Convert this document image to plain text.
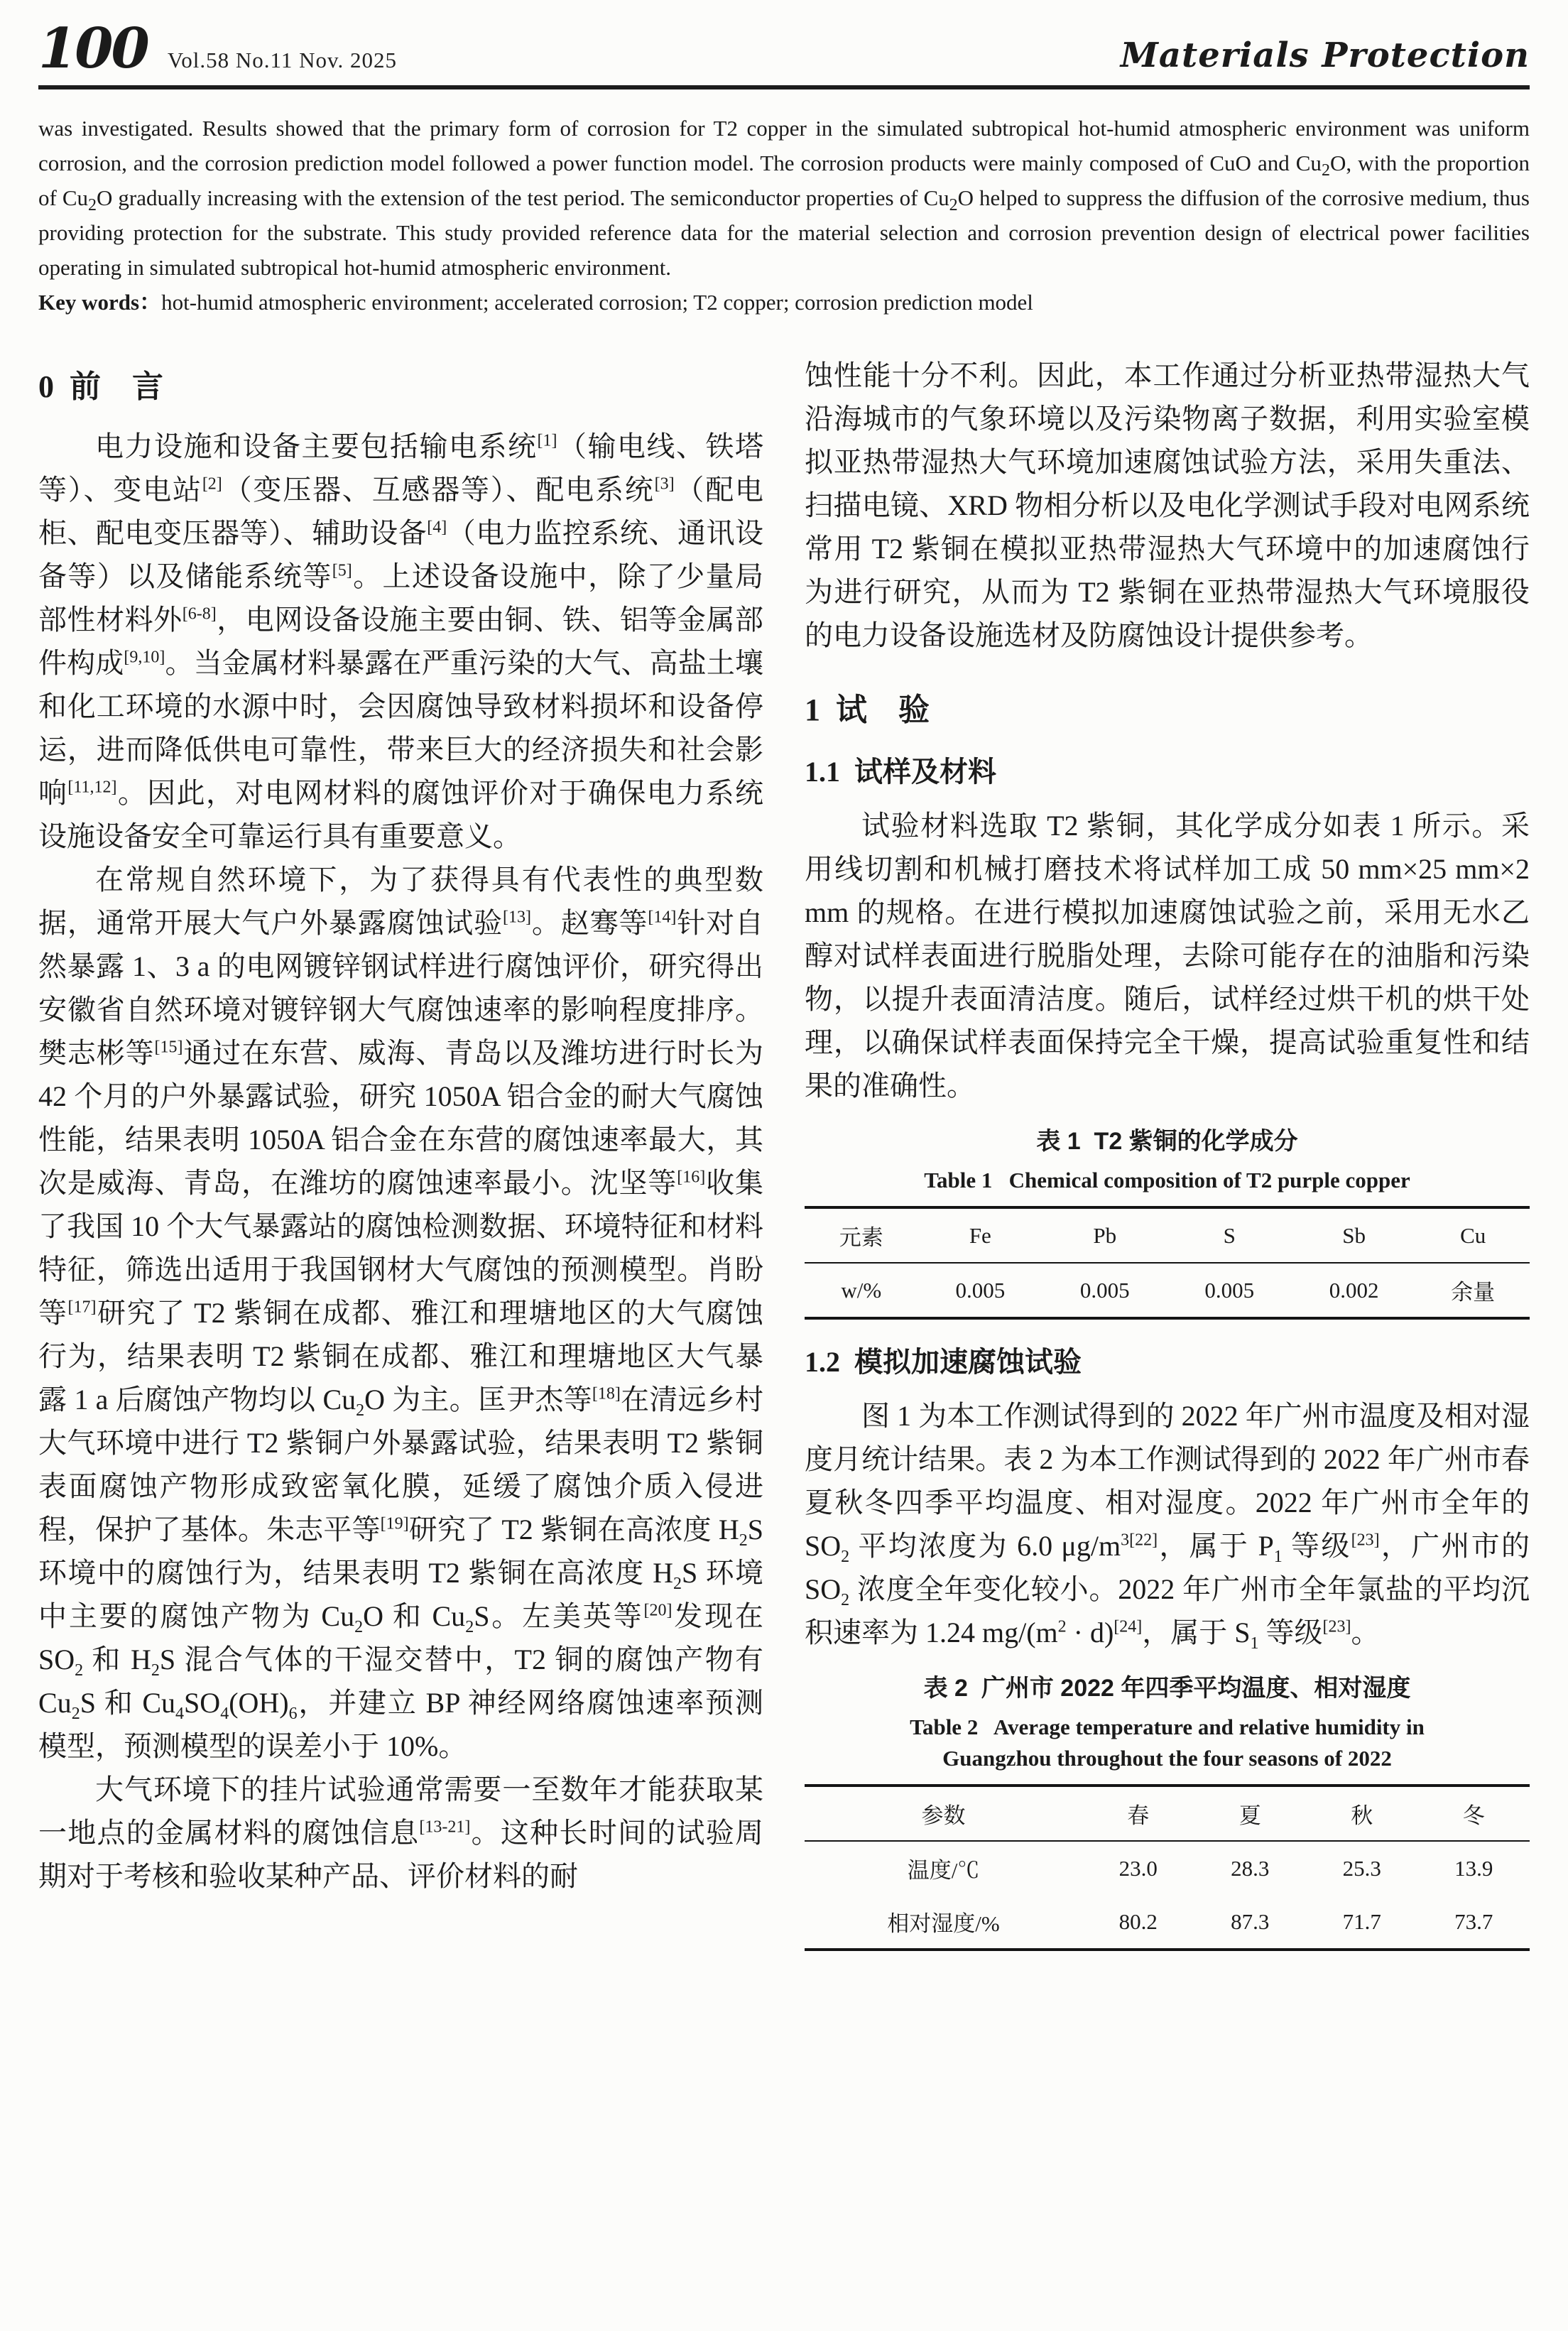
100 Vol.58 No.11 Nov. 2025	Materials Protection

was investigated. Results showed that the primary form of corrosion for T2 copper in the simulated subtropical hot-humid atmospheric environment was uniform corrosion, and the corrosion prediction model followed a power function model. The corrosion products were mainly composed of CuO and $Cu_2O$, with the proportion of $Cu_2O$ gradually increasing with the extension of the test period. The semiconductor properties of $Cu_2O$ helped to suppress the diffusion of the corrosive medium, thus providing protection for the substrate. This study provided reference data for the material selection and corrosion prevention design of electrical power facilities operating in simulated subtropical hot-humid atmospheric environment.

Key words：hot-humid atmospheric environment; accelerated corrosion; T2 copper; corrosion prediction model

0  前    言

电力设施和设备主要包括输电系统[1]（输电线、铁塔等）、变电站[2]（变压器、互感器等）、配电系统[3]（配电柜、配电变压器等）、辅助设备[4]（电力监控系统、通讯设备等）以及储能系统等[5]。上述设备设施中，除了少量局部性材料外[6-8]，电网设备设施主要由铜、铁、铝等金属部件构成[9,10]。当金属材料暴露在严重污染的大气、高盐土壤和化工环境的水源中时，会因腐蚀导致材料损坏和设备停运，进而降低供电可靠性，带来巨大的经济损失和社会影响[11,12]。因此，对电网材料的腐蚀评价对于确保电力系统设施设备安全可靠运行具有重要意义。

在常规自然环境下，为了获得具有代表性的典型数据，通常开展大气户外暴露腐蚀试验[13]。赵骞等[14]针对自然暴露 1、3 a 的电网镀锌钢试样进行腐蚀评价，研究得出安徽省自然环境对镀锌钢大气腐蚀速率的影响程度排序。樊志彬等[15]通过在东营、威海、青岛以及潍坊进行时长为 42 个月的户外暴露试验，研究 1050A 铝合金的耐大气腐蚀性能，结果表明 1050A 铝合金在东营的腐蚀速率最大，其次是威海、青岛，在潍坊的腐蚀速率最小。沈坚等[16]收集了我国 10 个大气暴露站的腐蚀检测数据、环境特征和材料特征，筛选出适用于我国钢材大气腐蚀的预测模型。肖盼等[17]研究了 T2 紫铜在成都、雅江和理塘地区的大气腐蚀行为，结果表明 T2 紫铜在成都、雅江和理塘地区大气暴露 1 a 后腐蚀产物均以 $Cu_2O$ 为主。匡尹杰等[18]在清远乡村大气环境中进行 T2 紫铜户外暴露试验，结果表明 T2 紫铜表面腐蚀产物形成致密氧化膜，延缓了腐蚀介质入侵进程，保护了基体。朱志平等[19]研究了 T2 紫铜在高浓度 $H_2S$ 环境中的腐蚀行为，结果表明 T2 紫铜在高浓度 $H_2S$ 环境中主要的腐蚀产物为 $Cu_2O$ 和 $Cu_2S$。左美英等[20]发现在 $SO_2$ 和 $H_2S$ 混合气体的干湿交替中，T2 铜的腐蚀产物有 $Cu_2S$ 和 $Cu_4SO_4(OH)_6$，并建立 BP 神经网络腐蚀速率预测模型，预测模型的误差小于 10%。

大气环境下的挂片试验通常需要一至数年才能获取某一地点的金属材料的腐蚀信息[13-21]。这种长时间的试验周期对于考核和验收某种产品、评价材料的耐

蚀性能十分不利。因此，本工作通过分析亚热带湿热大气沿海城市的气象环境以及污染物离子数据，利用实验室模拟亚热带湿热大气环境加速腐蚀试验方法，采用失重法、扫描电镜、XRD 物相分析以及电化学测试手段对电网系统常用 T2 紫铜在模拟亚热带湿热大气环境中的加速腐蚀行为进行研究，从而为 T2 紫铜在亚热带湿热大气环境服役的电力设备设施选材及防腐蚀设计提供参考。

1  试    验
1.1  试样及材料

试验材料选取 T2 紫铜，其化学成分如表 1 所示。采用线切割和机械打磨技术将试样加工成 50 mm×25 mm×2 mm 的规格。在进行模拟加速腐蚀试验之前，采用无水乙醇对试样表面进行脱脂处理，去除可能存在的油脂和污染物，以提升表面清洁度。随后，试样经过烘干机的烘干处理，以确保试样表面保持完全干燥，提高试验重复性和结果的准确性。

表 1  T2 紫铜的化学成分
Table 1   Chemical composition of T2 purple copper
元素	Fe	Pb	S	Sb	Cu
w/%	0.005	0.005	0.005	0.002	余量
1.2  模拟加速腐蚀试验

图 1 为本工作测试得到的 2022 年广州市温度及相对湿度月统计结果。表 2 为本工作测试得到的 2022 年广州市春夏秋冬四季平均温度、相对湿度。2022 年广州市全年的 $SO_2$ 平均浓度为 6.0 $\mu g/m^{3[22]}$，属于 $P_1$ 等级[23]，广州市的 $SO_2$ 浓度全年变化较小。2022 年广州市全年氯盐的平均沉积速率为 1.24 $mg/(m^2 \cdot d)[24]$，属于 $S_1$ 等级[23]。

表 2  广州市 2022 年四季平均温度、相对湿度
Table 2   Average temperature and relative humidity in Guangzhou throughout the four seasons of 2022
参数	春	夏	秋	冬
温度/℃	23.0	28.3	25.3	13.9
相对湿度/%	80.2	87.3	71.7	73.7
